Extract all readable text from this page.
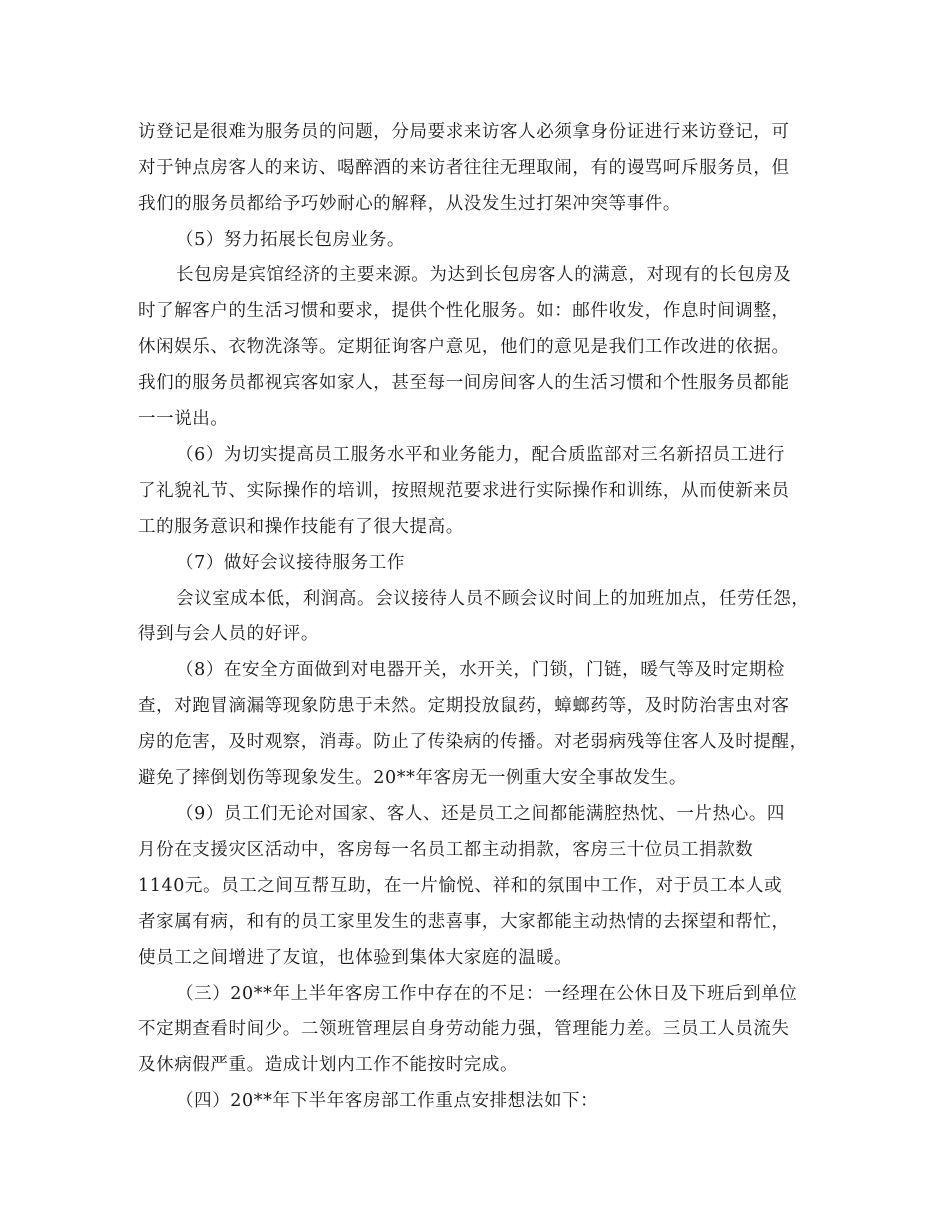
访登记是很难为服务员的问题，分局要求来访客人必须拿身份证进行来访登记，可

对于钟点房客人的来访、喝醉酒的来访者往往无理取闹，有的谩骂呵斥服务员，但

我们的服务员都给予巧妙耐心的解释，从没发生过打架冲突等事件。

（5）努力拓展长包房业务。

长包房是宾馆经济的主要来源。为达到长包房客人的满意，对现有的长包房及

时了解客户的生活习惯和要求，提供个性化服务。如：邮件收发，作息时间调整，

休闲娱乐、衣物洗涤等。定期征询客户意见，他们的意见是我们工作改进的依据。

我们的服务员都视宾客如家人，甚至每一间房间客人的生活习惯和个性服务员都能

一一说出。

（6）为切实提高员工服务水平和业务能力，配合质监部对三名新招员工进行

了礼貌礼节、实际操作的培训，按照规范要求进行实际操作和训练，从而使新来员

工的服务意识和操作技能有了很大提高。

（7）做好会议接待服务工作

会议室成本低，利润高。会议接待人员不顾会议时间上的加班加点，任劳任怨，

得到与会人员的好评。

（8）在安全方面做到对电器开关，水开关，门锁，门链，暖气等及时定期检

查，对跑冒滴漏等现象防患于未然。定期投放鼠药，蟑螂药等，及时防治害虫对客

房的危害，及时观察，消毒。防止了传染病的传播。对老弱病残等住客人及时提醒，

避免了摔倒划伤等现象发生。20**年客房无一例重大安全事故发生。

（9）员工们无论对国家、客人、还是员工之间都能满腔热忱、一片热心。四

月份在支援灾区活动中，客房每一名员工都主动捐款，客房三十位员工捐款数

1140元。员工之间互帮互助，在一片愉悦、祥和的氛围中工作，对于员工本人或

者家属有病，和有的员工家里发生的悲喜事，大家都能主动热情的去探望和帮忙，

使员工之间增进了友谊，也体验到集体大家庭的温暖。

（三）20**年上半年客房工作中存在的不足：一经理在公休日及下班后到单位

不定期查看时间少。二领班管理层自身劳动能力强，管理能力差。三员工人员流失

及休病假严重。造成计划内工作不能按时完成。

（四）20**年下半年客房部工作重点安排想法如下：
